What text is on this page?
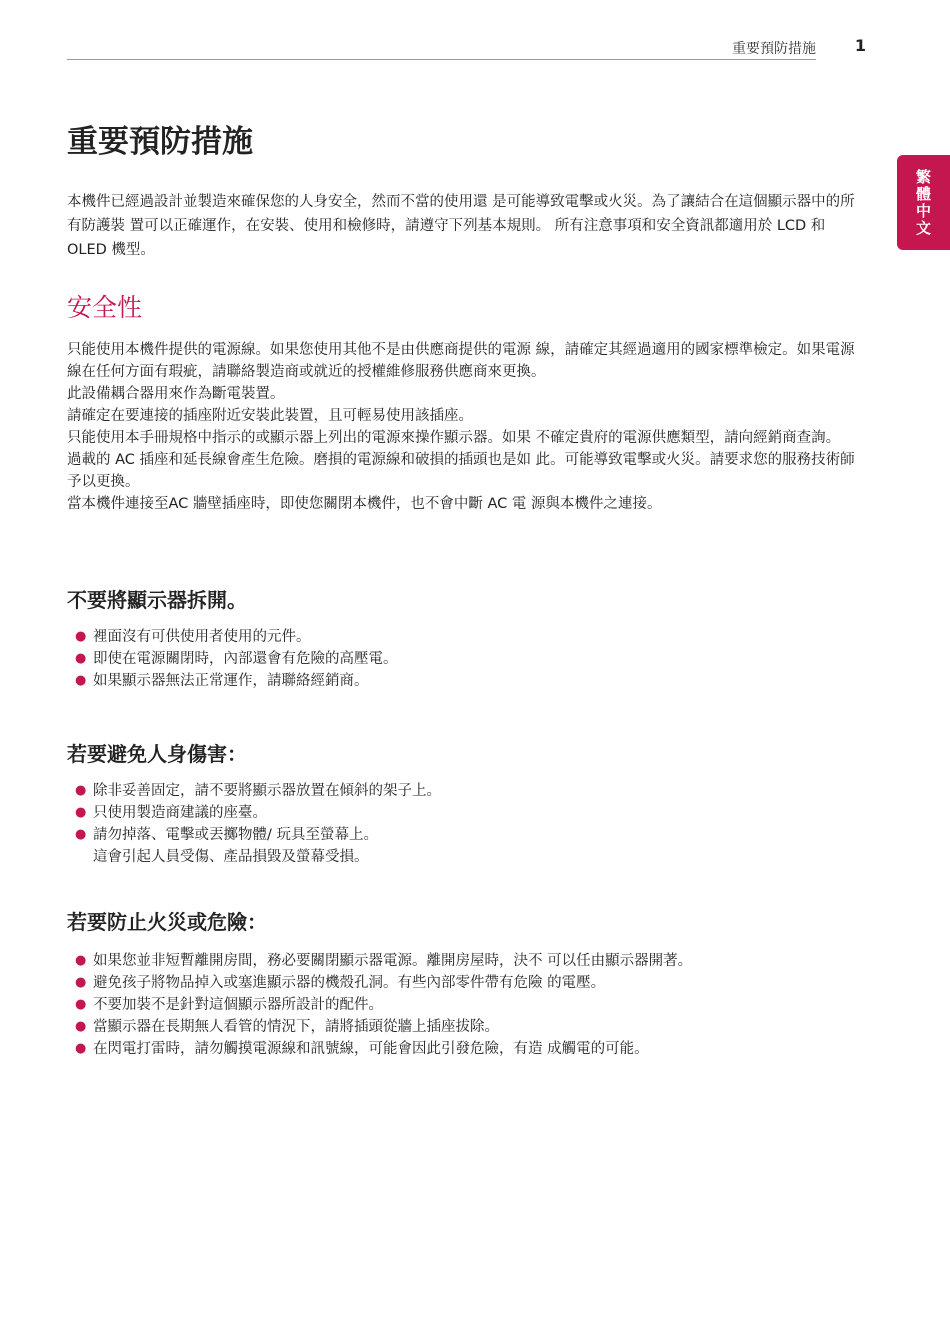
重要預防措施	1
繁體中文
重要預防措施

本機件已經過設計並製造來確保您的人身安全，然而不當的使用還 是可能導致電擊或火災。為了讓結合在這個顯示器中的所有防護裝 置可以正確運作，在安裝、使用和檢修時，請遵守下列基本規則。 所有注意事項和安全資訊都適用於 LCD 和 OLED 機型。

安全性

只能使用本機件提供的電源線。如果您使用其他不是由供應商提供的電源 線，請確定其經過適用的國家標準檢定。如果電源線在任何方面有瑕疵，請聯絡製造商或就近的授權維修服務供應商來更換。

此設備耦合器用來作為斷電裝置。

請確定在要連接的插座附近安裝此裝置，且可輕易使用該插座。

只能使用本手冊規格中指示的或顯示器上列出的電源來操作顯示器。如果 不確定貴府的電源供應類型，請向經銷商查詢。

過載的 AC 插座和延長線會產生危險。磨損的電源線和破損的插頭也是如 此。可能導致電擊或火災。請要求您的服務技術師予以更換。

當本機件連接至AC 牆壁插座時，即使您關閉本機件，也不會中斷 AC 電 源與本機件之連接。

不要將顯示器拆開。
● 裡面沒有可供使用者使用的元件。
● 即使在電源關閉時，內部還會有危險的高壓電。
● 如果顯示器無法正常運作，請聯絡經銷商。
若要避免人身傷害：
● 除非妥善固定，請不要將顯示器放置在傾斜的架子上。
● 只使用製造商建議的座臺。
● 請勿掉落、電擊或丟擲物體/ 玩具至螢幕上。
這會引起人員受傷、產品損毀及螢幕受損。
若要防止火災或危險：
● 如果您並非短暫離開房間，務必要關閉顯示器電源。離開房屋時，決不 可以任由顯示器開著。
● 避免孩子將物品掉入或塞進顯示器的機殼孔洞。有些內部零件帶有危險 的電壓。
● 不要加裝不是針對這個顯示器所設計的配件。
● 當顯示器在長期無人看管的情況下，請將插頭從牆上插座拔除。
● 在閃電打雷時，請勿觸摸電源線和訊號線，可能會因此引發危險，有造 成觸電的可能。
